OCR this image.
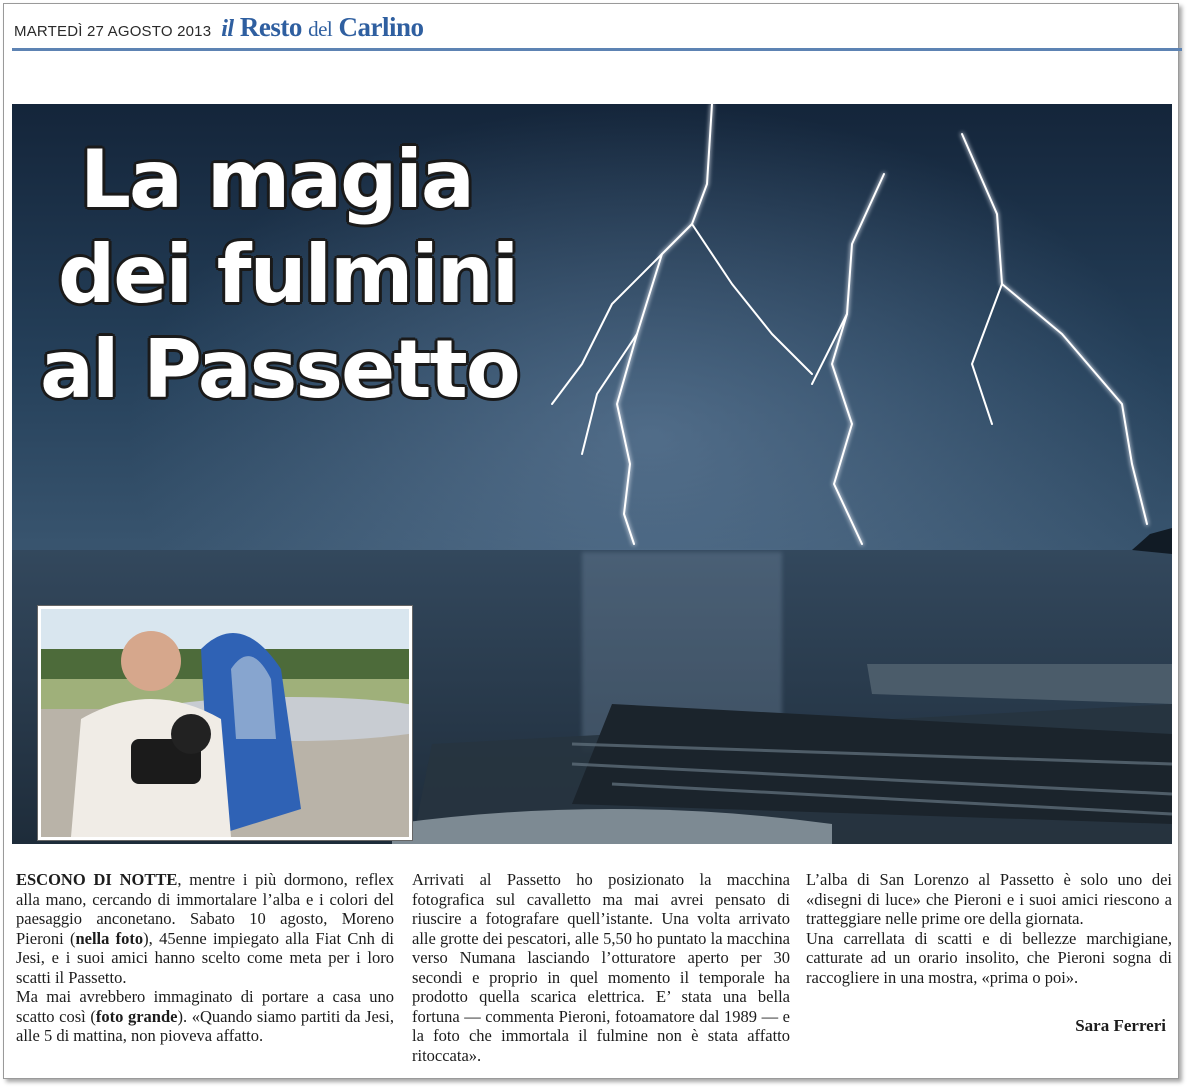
MARTEDÌ 27 AGOSTO 2013 il Resto del Carlino
La magia
dei fulmini
al Passetto

ESCONO DI NOTTE, mentre i più dormono, reflex alla mano, cercando di immortalare l’alba e i colori del paesaggio anconetano. Sabato 10 agosto, Moreno Pieroni (nella foto), 45enne impiegato alla Fiat Cnh di Jesi, e i suoi amici hanno scelto come meta per i loro scatti il Passetto.

Ma mai avrebbero immaginato di portare a casa uno scatto così (foto grande). «Quando siamo partiti da Jesi, alle 5 di mattina, non pioveva affatto.

Arrivati al Passetto ho posizionato la macchina fotografica sul cavalletto ma mai avrei pensato di riuscire a fotografare quell’istante. Una volta arrivato alle grotte dei pescatori, alle 5,50 ho puntato la macchina verso Numana lasciando l’otturatore aperto per 30 secondi e proprio in quel momento il temporale ha prodotto quella scarica elettrica. E’ stata una bella fortuna — commenta Pieroni, fotoamatore dal 1989 — e la foto che immortala il fulmine non è stata affatto ritoccata».

L’alba di San Lorenzo al Passetto è solo uno dei «disegni di luce» che Pieroni e i suoi amici riescono a tratteggiare nelle prime ore della giornata.

Una carrellata di scatti e di bellezze marchigiane, catturate ad un orario insolito, che Pieroni sogna di raccogliere in una mostra, «prima o poi».

Sara Ferreri
